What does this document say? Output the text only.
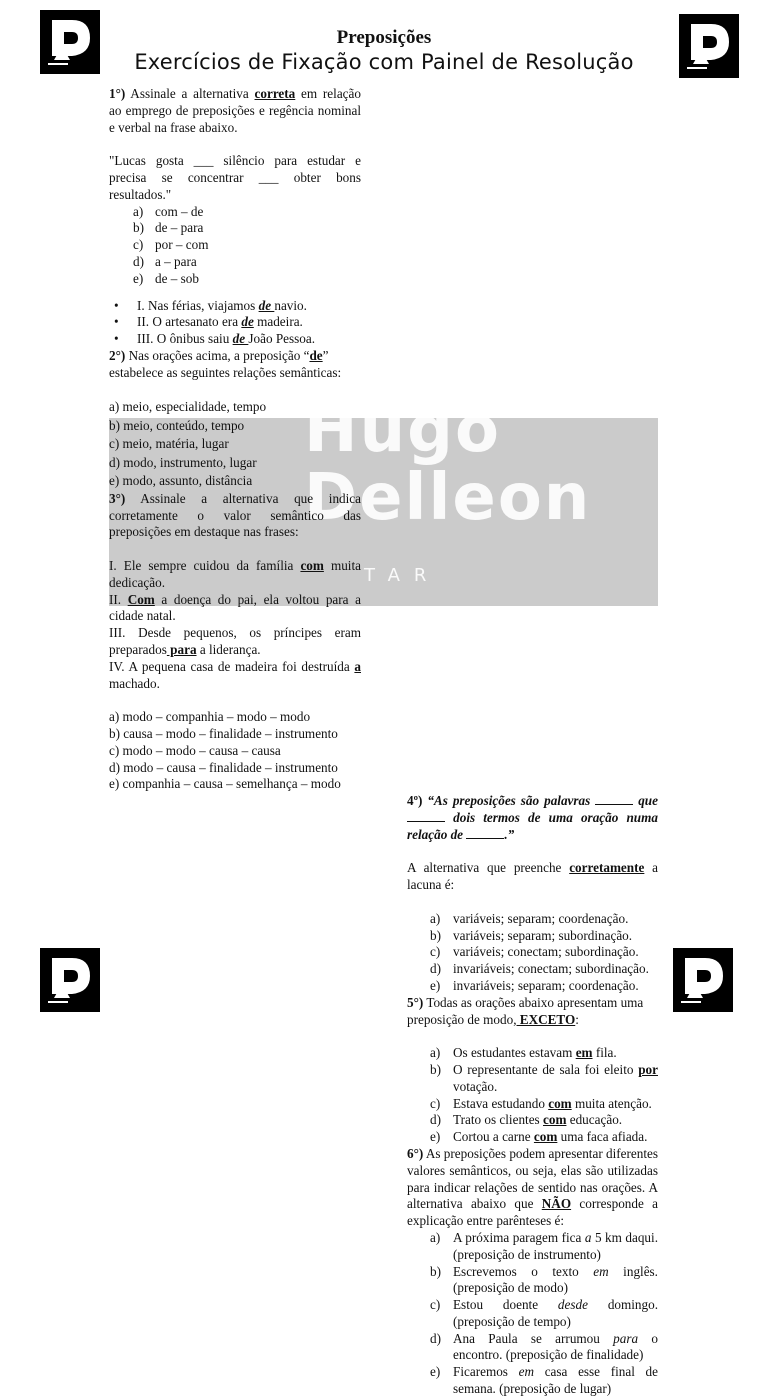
Hugo
Delleon
TAR
Preposições
Exercícios de Fixação com Painel de Resolução

1°) Assinale a alternativa correta em relação ao emprego de preposições e regência nominal e verbal na frase abaixo.

"Lucas gosta ___ silêncio para estudar e precisa se concentrar ___ obter bons resultados."

a) com – de
b) de – para
c) por – com
d) a – para
e) de – sob
• I. Nas férias, viajamos de navio.
• II. O artesanato era de madeira.
• III. O ônibus saiu de João Pessoa.

2°) Nas orações acima, a preposição “de” estabelece as seguintes relações semânticas:

a) meio, especialidade, tempo

b) meio, conteúdo, tempo

c) meio, matéria, lugar

d) modo, instrumento, lugar

e) modo, assunto, distância

3°) Assinale a alternativa que indica corretamente o valor semântico das preposições em destaque nas frases:

I. Ele sempre cuidou da família com muita dedicação.

II. Com a doença do pai, ela voltou para a cidade natal.

III. Desde pequenos, os príncipes eram preparados para a liderança.

IV. A pequena casa de madeira foi destruída a machado.

a) modo – companhia – modo – modo

b) causa – modo – finalidade – instrumento

c) modo – modo – causa – causa

d) modo – causa – finalidade – instrumento

e) companhia – causa – semelhança – modo

4º) “As preposições são palavras	que  dois termos de uma oração numa relação de	.”

A alternativa que preenche corretamente a lacuna é:

a) variáveis; separam; coordenação.
b) variáveis; separam; subordinação.
c) variáveis; conectam; subordinação.
d) invariáveis; conectam; subordinação.
e) invariáveis; separam; coordenação.

5°) Todas as orações abaixo apresentam uma preposição de modo, EXCETO:

a) Os estudantes estavam em fila.
b) O representante de sala foi eleito por votação.
c) Estava estudando com muita atenção.
d) Trato os clientes com educação.
e) Cortou a carne com uma faca afiada.

6°) As preposições podem apresentar diferentes valores semânticos, ou seja, elas são utilizadas para indicar relações de sentido nas orações. A alternativa abaixo que NÃO corresponde a explicação entre parênteses é:

a) A próxima paragem fica a 5 km daqui. (preposição de instrumento)
b) Escrevemos o texto em inglês. (preposição de modo)
c) Estou doente desde domingo. (preposição de tempo)
d) Ana Paula se arrumou para o encontro. (preposição de finalidade)
e) Ficaremos em casa esse final de semana. (preposição de lugar)
